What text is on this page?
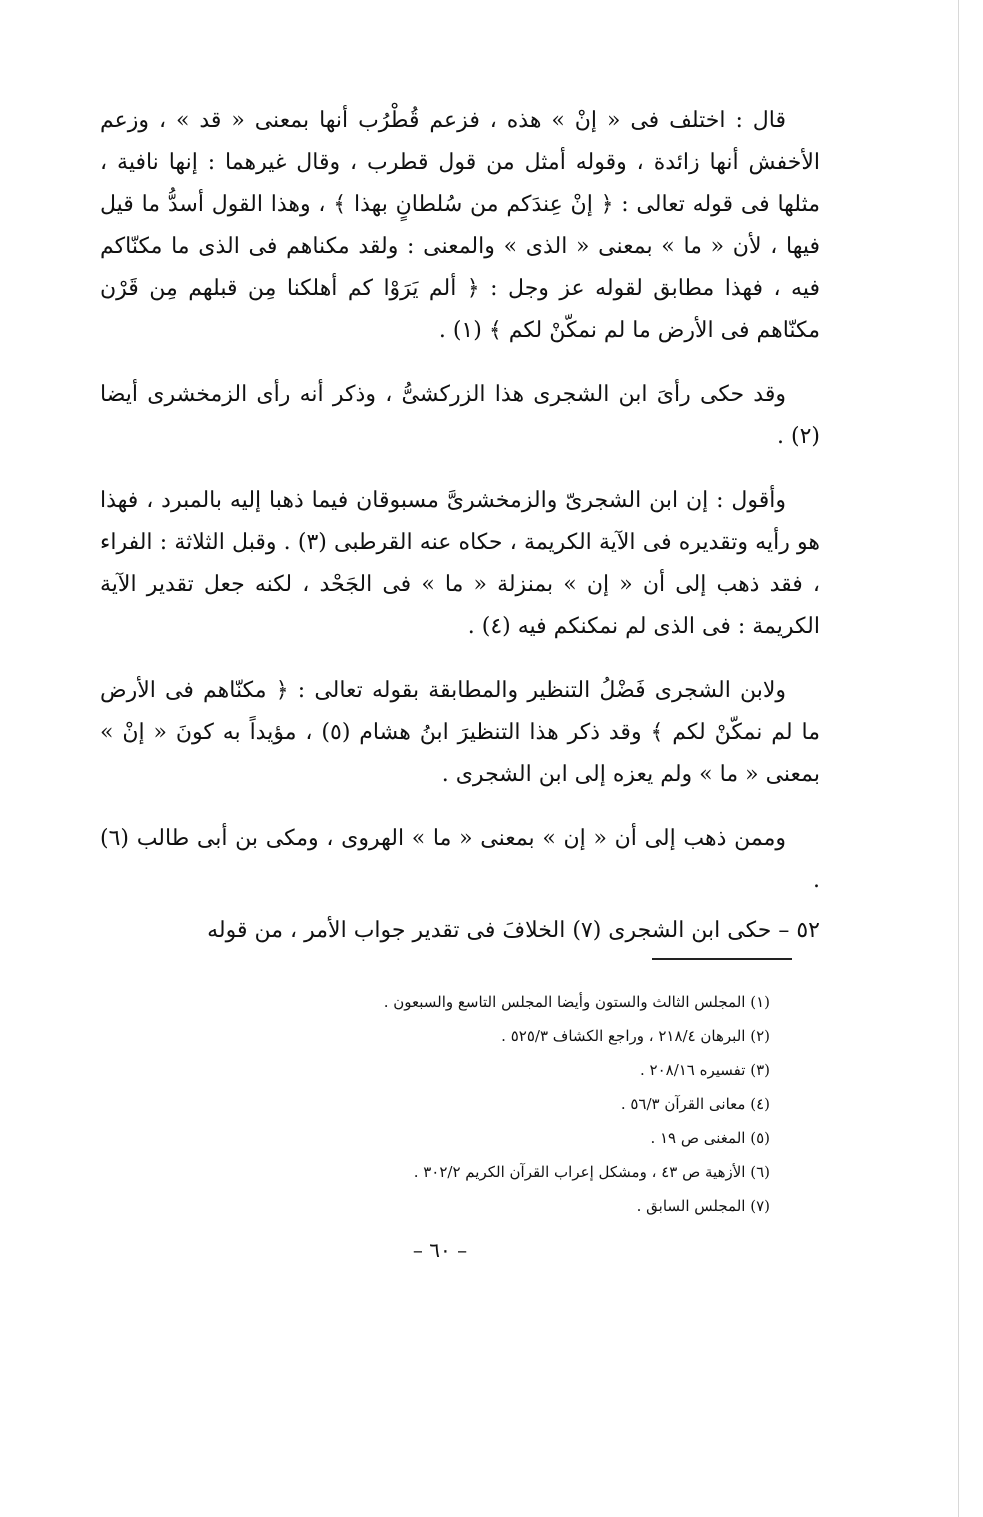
قال : اختلف فى « إنْ » هذه ، فزعم قُطْرُب أنها بمعنى « قد » ، وزعم الأخفش أنها زائدة ، وقوله أمثل من قول قطرب ، وقال غيرهما : إنها نافية ، مثلها فى قوله تعالى : ﴿ إنْ عِندَكم من سُلطانٍ بهذا ﴾ ، وهذا القول أسدُّ ما قيل فيها ، لأن « ما » بمعنى « الذى » والمعنى : ولقد مكناهم فى الذى ما مكنّاكم فيه ، فهذا مطابق لقوله عز وجل : ﴿ ألم يَرَوْا كم أهلكنا مِن قبلهم مِن قَرْن مكنّاهم فى الأرض ما لم نمكّنْ لكم ﴾ (١) .

وقد حكى رأىَ ابن الشجرى هذا الزركشىُّ ، وذكر أنه رأى الزمخشرى أيضا (٢) .

وأقول : إن ابن الشجرىّ والزمخشرىَّ مسبوقان فيما ذهبا إليه بالمبرد ، فهذا هو رأيه وتقديره فى الآية الكريمة ، حكاه عنه القرطبى (٣) . وقبل الثلاثة : الفراء ، فقد ذهب إلى أن « إن » بمنزلة « ما » فى الجَحْد ، لكنه جعل تقدير الآية الكريمة : فى الذى لم نمكنكم فيه (٤) .

ولابن الشجرى فَضْلُ التنظير والمطابقة بقوله تعالى : ﴿ مكنّاهم فى الأرض ما لم نمكّنْ لكم ﴾ وقد ذكر هذا التنظيرَ ابنُ هشام (٥) ، مؤيداً به كونَ « إنْ » بمعنى « ما » ولم يعزه إلى ابن الشجرى .

وممن ذهب إلى أن « إن » بمعنى « ما » الهروى ، ومكى بن أبى طالب (٦) .

٥٢ – حكى ابن الشجرى (٧) الخلافَ فى تقدير جواب الأمر ، من قوله

(١) المجلس الثالث والستون وأيضا المجلس التاسع والسبعون .

(٢) البرهان ٢١٨/٤ ، وراجع الكشاف ٥٢٥/٣ .

(٣) تفسيره ٢٠٨/١٦ .

(٤) معانى القرآن ٥٦/٣ .

(٥) المغنى ص ١٩ .

(٦) الأزهية ص ٤٣ ، ومشكل إعراب القرآن الكريم ٣٠٢/٢ .

(٧) المجلس السابق .

– ٦٠ –
